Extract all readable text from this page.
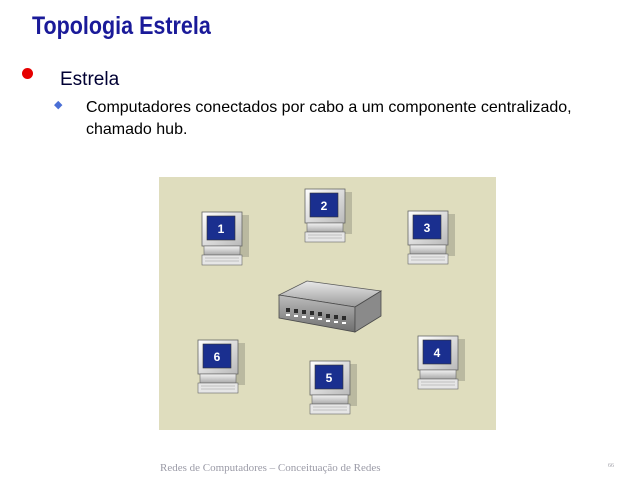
Topologia Estrela
Estrela
◆ Computadores conectados por cabo a um componente centralizado,
chamado hub.
1
2
3
4
5
6
Redes de Computadores – Conceituação de Redes	66
